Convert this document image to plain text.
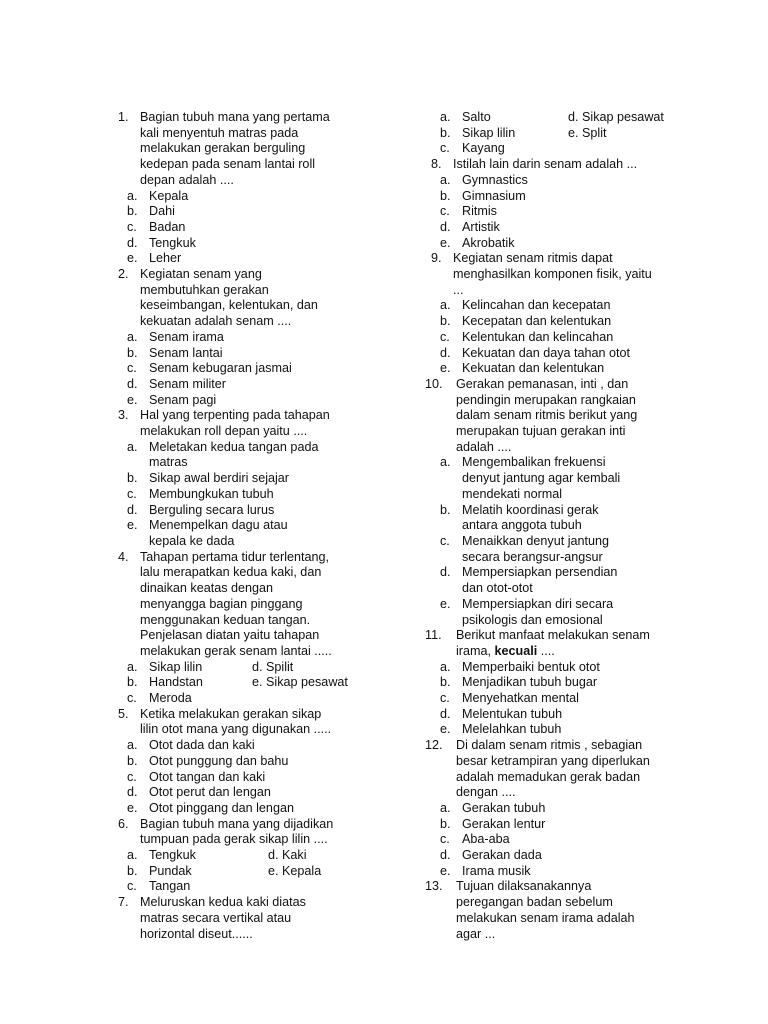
1. Bagian tubuh mana yang pertama
kali menyentuh matras pada
melakukan gerakan berguling
kedepan pada senam lantai roll
depan adalah ....
a. Kepala
b. Dahi
c. Badan
d. Tengkuk
e. Leher
2. Kegiatan senam yang
membutuhkan gerakan
keseimbangan, kelentukan, dan
kekuatan adalah senam ....
a. Senam irama
b. Senam lantai
c. Senam kebugaran jasmai
d. Senam militer
e. Senam pagi
3. Hal yang terpenting pada tahapan
melakukan roll depan yaitu ....
a. Meletakan kedua tangan pada
matras
b. Sikap awal berdiri sejajar
c. Membungkukan tubuh
d. Berguling secara lurus
e. Menempelkan dagu atau
kepala ke dada
4. Tahapan pertama tidur terlentang,
lalu merapatkan kedua kaki, dan
dinaikan keatas dengan
menyangga bagian pinggang
menggunakan keduan tangan.
Penjelasan diatan yaitu tahapan
melakukan gerak senam lantai .....
a. Sikap lilin	d. Spilit
b. Handstan	e. Sikap pesawat
c. Meroda
5. Ketika melakukan gerakan sikap
lilin otot mana yang digunakan .....
a. Otot dada dan kaki
b. Otot punggung dan bahu
c. Otot tangan dan kaki
d. Otot perut dan lengan
e. Otot pinggang dan lengan
6. Bagian tubuh mana yang dijadikan
tumpuan pada gerak sikap lilin ....
a. Tengkuk	d. Kaki
b. Pundak	e. Kepala
c. Tangan
7. Meluruskan kedua kaki diatas
matras secara vertikal atau
horizontal diseut......
a. Salto	d. Sikap pesawat
b. Sikap lilin	e. Split
c. Kayang
8. Istilah lain darin senam adalah ...
a. Gymnastics
b. Gimnasium
c. Ritmis
d. Artistik
e. Akrobatik
9. Kegiatan senam ritmis dapat
menghasilkan komponen fisik, yaitu
...
a. Kelincahan dan kecepatan
b. Kecepatan dan kelentukan
c. Kelentukan dan kelincahan
d. Kekuatan dan daya tahan otot
e. Kekuatan dan kelentukan
10. Gerakan pemanasan, inti , dan
pendingin merupakan rangkaian
dalam senam ritmis berikut yang
merupakan tujuan gerakan inti
adalah ....
a. Mengembalikan frekuensi
denyut jantung agar kembali
mendekati normal
b. Melatih koordinasi gerak
antara anggota tubuh
c. Menaikkan denyut jantung
secara berangsur-angsur
d. Mempersiapkan persendian
dan otot-otot
e. Mempersiapkan diri secara
psikologis dan emosional
11. Berikut manfaat melakukan senam
irama, kecuali ....
a. Memperbaiki bentuk otot
b. Menjadikan tubuh bugar
c. Menyehatkan mental
d. Melentukan tubuh
e. Melelahkan tubuh
12. Di dalam senam ritmis , sebagian
besar ketrampiran yang diperlukan
adalah memadukan gerak badan
dengan ....
a. Gerakan tubuh
b. Gerakan lentur
c. Aba-aba
d. Gerakan dada
e. Irama musik
13. Tujuan dilaksanakannya
peregangan badan sebelum
melakukan senam irama adalah
agar ...
